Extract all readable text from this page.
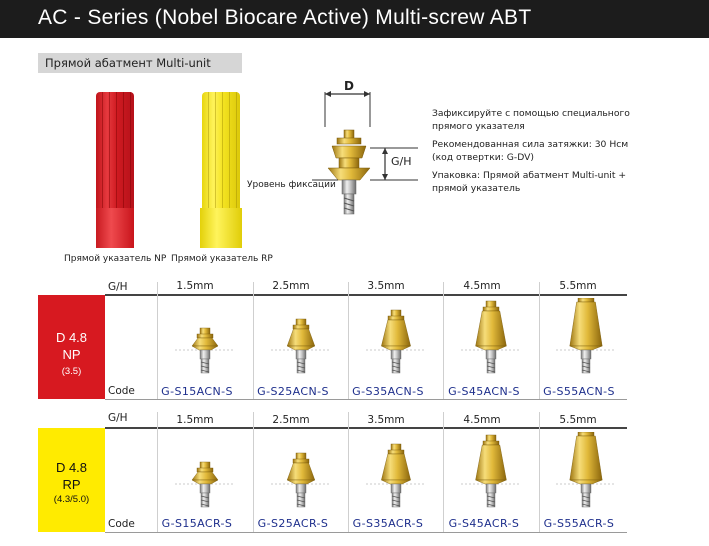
AC - Series (Nobel Biocare Active) Multi-screw ABT
Прямой абатмент Multi-unit
Прямой указатель NP Прямой указатель RP
D
G/H
Уровень фиксации
Зафиксируйте с помощью специального
прямого указателя
Рекомендованная сила затяжки: 30 Нсм
(код отвертки: G-DV)
Упаковка: Прямой абатмент Multi-unit +
прямой указатель
G/H
D 4.8
NP
(3.5)
1.5mm	2.5mm	3.5mm	4.5mm	5.5mm
Code	G-S15ACN-S	G-S25ACN-S	G-S35ACN-S	G-S45ACN-S	G-S55ACN-S
G/H
D 4.8
RP
(4.3/5.0)
1.5mm	2.5mm	3.5mm	4.5mm	5.5mm
Code	G-S15ACR-S	G-S25ACR-S	G-S35ACR-S	G-S45ACR-S	G-S55ACR-S
